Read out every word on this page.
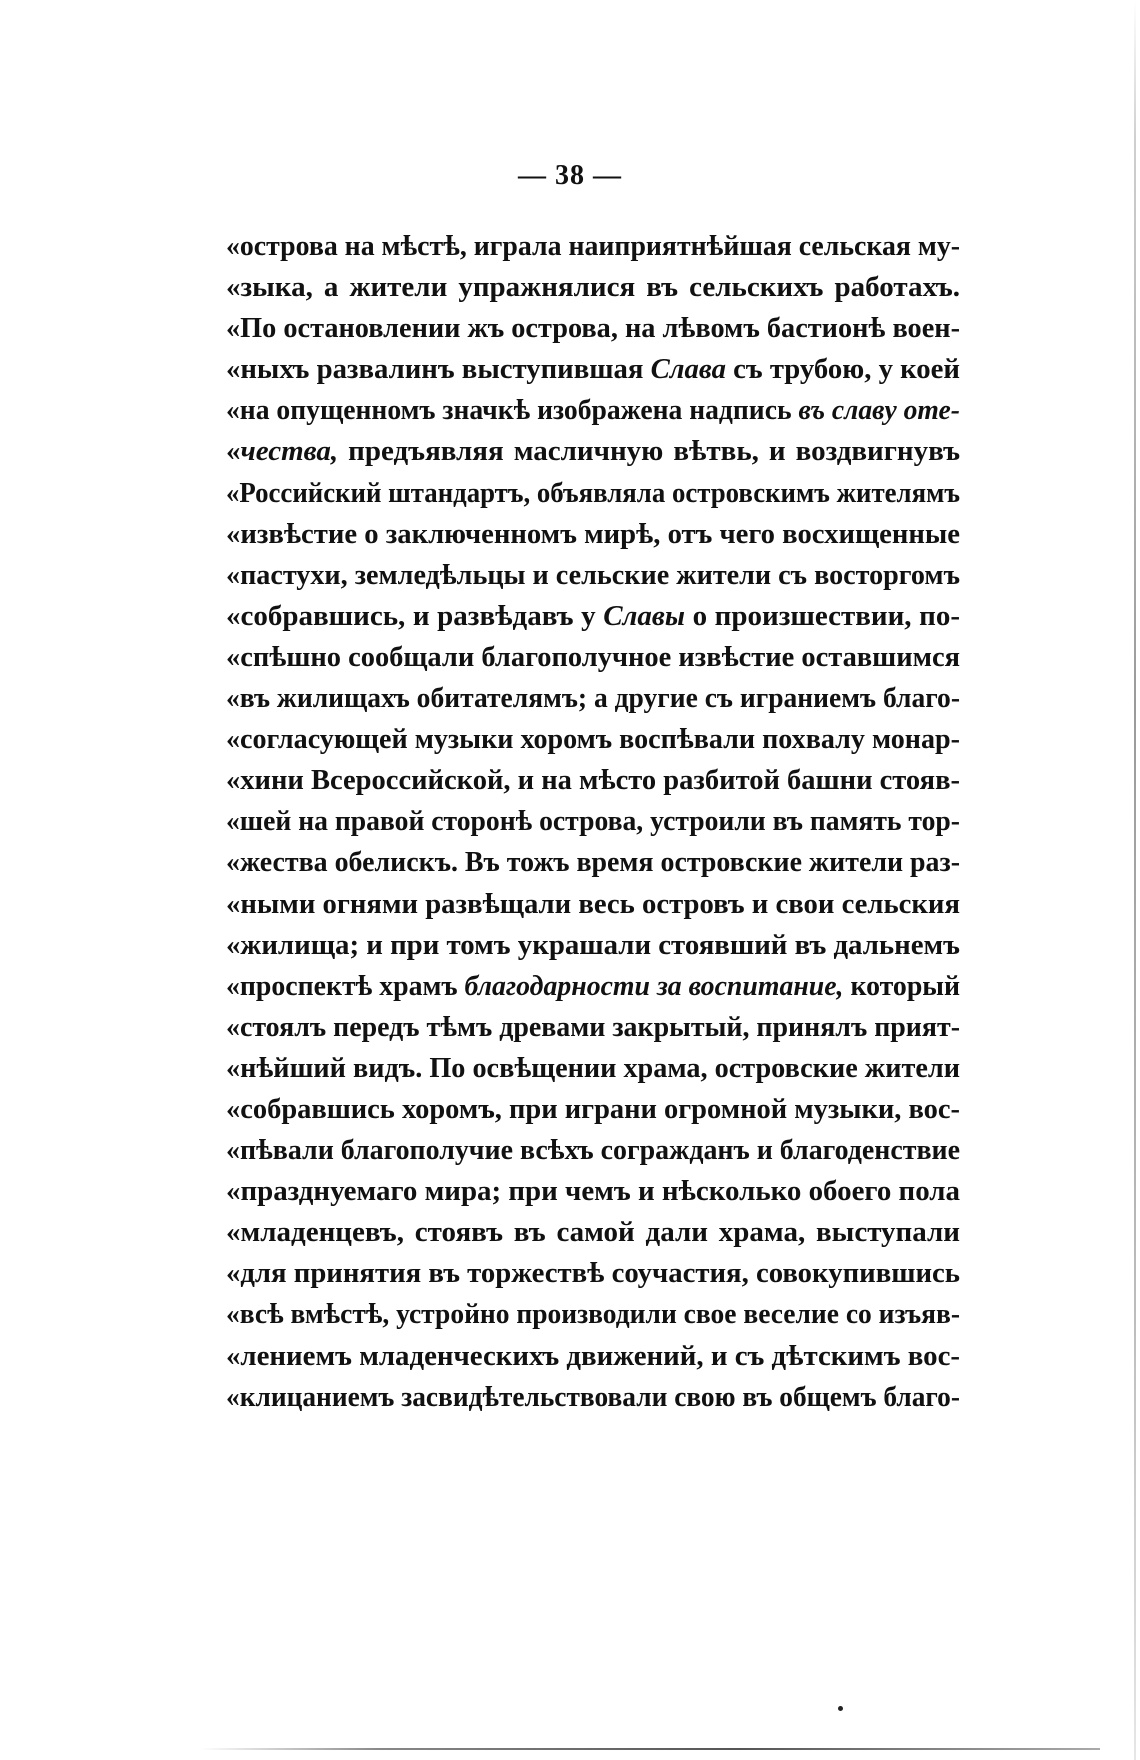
— 38 —
«острова на мѣстѣ, играла наиприятнѣйшая сельская му-
«зыка, а жители упражнялися въ сельскихъ работахъ.
«По остановлении жъ острова, на лѣвомъ бастионѣ воен-
«ныхъ развалинъ выступившая Слава съ трубою, у коей
«на опущенномъ значкѣ изображена надпись въ славу оте-
«чества, предъявляя масличную вѣтвь, и воздвигнувъ
«Российский штандартъ, объявляла островскимъ жителямъ
«извѣстие о заключенномъ мирѣ, отъ чего восхищенные
«пастухи, земледѣльцы и сельские жители съ восторгомъ
«собравшись, и развѣдавъ у Славы о произшествии, по-
«спѣшно сообщали благополучное извѣстие оставшимся
«въ жилищахъ обитателямъ; а другие съ играниемъ благо-
«согласующей музыки хоромъ воспѣвали похвалу монар-
«хини Всероссийской, и на мѣсто разбитой башни стояв-
«шей на правой сторонѣ острова, устроили въ память тор-
«жества обелискъ. Въ тожъ время островские жители раз-
«ными огнями развѣщали весь островъ и свои сельския
«жилища; и при томъ украшали стоявший въ дальнемъ
«проспектѣ храмъ благодарности за воспитание, который
«стоялъ передъ тѣмъ древами закрытый, принялъ прият-
«нѣйший видъ. По освѣщении храма, островские жители
«собравшись хоромъ, при играни огромной музыки, вос-
«пѣвали благополучие всѣхъ согражданъ и благоденствие
«празднуемаго мира; при чемъ и нѣсколько обоего пола
«младенцевъ, стоявъ въ самой дали храма, выступали
«для принятия въ торжествѣ соучастия, совокупившись
«всѣ вмѣстѣ, устройно производили свое веселие со изъяв-
«лениемъ младенческихъ движений, и съ дѣтскимъ вос-
«клицаниемъ засвидѣтельствовали свою въ общемъ благо-
